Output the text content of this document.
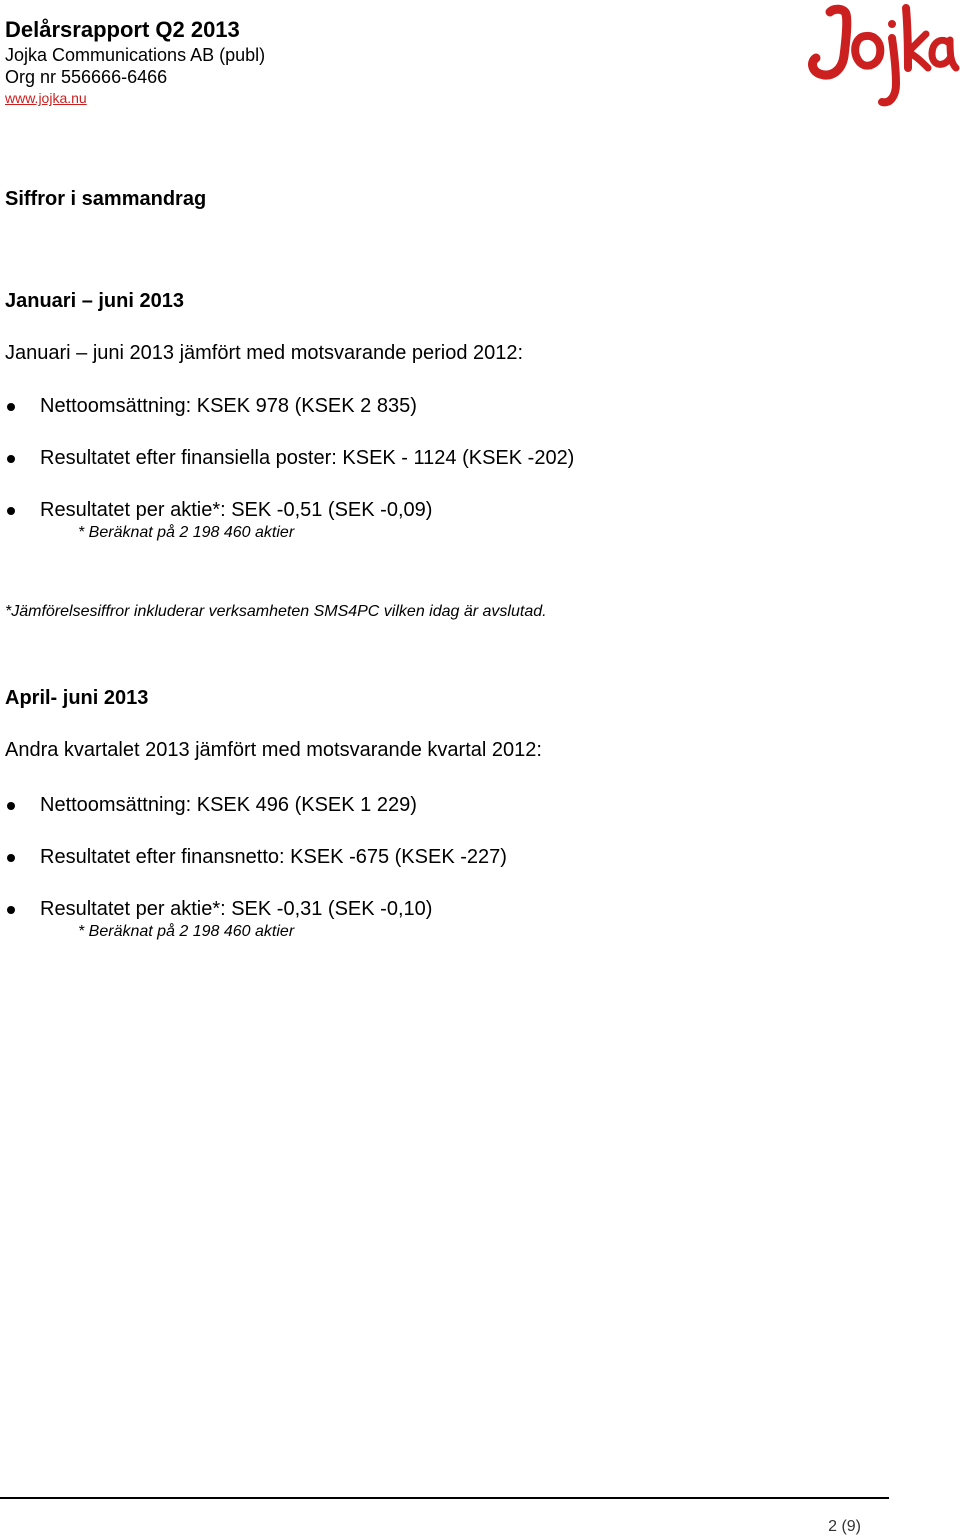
Delårsrapport Q2 2013

Jojka Communications AB (publ)

Org nr 556666-6466

www.jojka.nu

Siffror i sammandrag

Januari – juni 2013

Januari – juni 2013 jämfört med motsvarande period 2012:

Nettoomsättning: KSEK 978 (KSEK 2 835)
Resultatet efter finansiella poster: KSEK - 1124 (KSEK -202)
Resultatet per aktie*: SEK -0,51 (SEK -0,09)
* Beräknat på 2 198 460 aktier

*Jämförelsesiffror inkluderar verksamheten SMS4PC vilken idag är avslutad.

April- juni 2013

Andra kvartalet 2013 jämfört med motsvarande kvartal 2012:

Nettoomsättning: KSEK 496 (KSEK 1 229)
Resultatet efter finansnetto: KSEK -675 (KSEK -227)
Resultatet per aktie*: SEK -0,31 (SEK -0,10)
* Beräknat på 2 198 460 aktier
2 (9)
